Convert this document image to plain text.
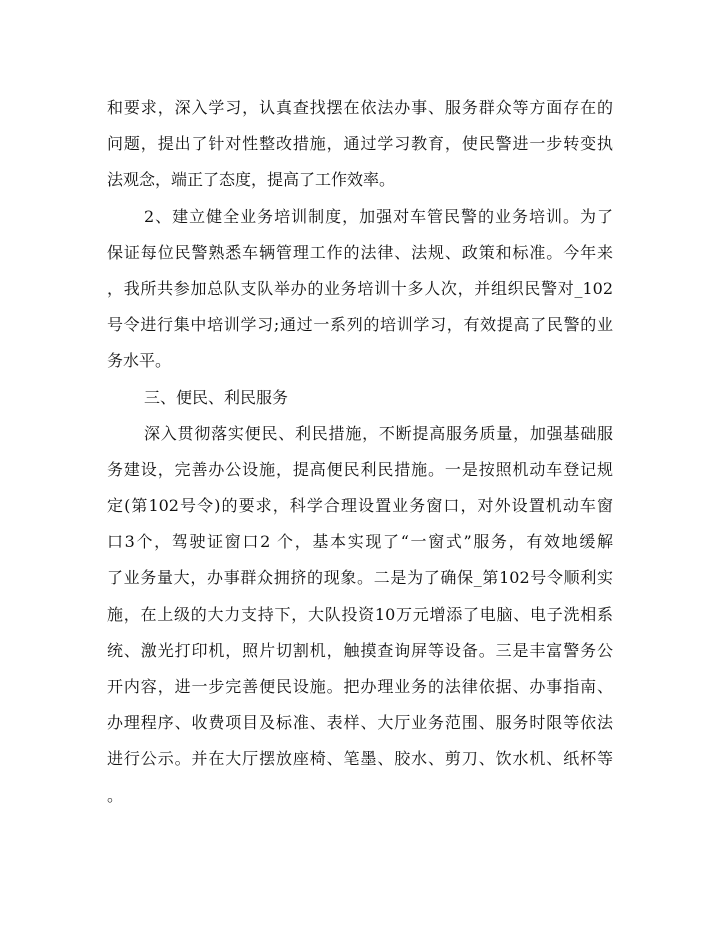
和要求，深入学习，认真查找摆在依法办事、服务群众等方面存在的
问题，提出了针对性整改措施，通过学习教育，使民警进一步转变执
法观念，端正了态度，提高了工作效率。
2、建立健全业务培训制度，加强对车管民警的业务培训。为了
保证每位民警熟悉车辆管理工作的法律、法规、政策和标准。今年来
，我所共参加总队支队举办的业务培训十多人次，并组织民警对_102
号令进行集中培训学习;通过一系列的培训学习，有效提高了民警的业
务水平。
三、便民、利民服务
深入贯彻落实便民、利民措施，不断提高服务质量，加强基础服
务建设，完善办公设施，提高便民利民措施。一是按照机动车登记规
定(第102号令)的要求，科学合理设置业务窗口，对外设置机动车窗
口3个，驾驶证窗口2 个，基本实现了“一窗式”服务，有效地缓解
了业务量大，办事群众拥挤的现象。二是为了确保_第102号令顺利实
施，在上级的大力支持下，大队投资10万元增添了电脑、电子洗相系
统、激光打印机，照片切割机，触摸查询屏等设备。三是丰富警务公
开内容，进一步完善便民设施。把办理业务的法律依据、办事指南、
办理程序、收费项目及标准、表样、大厅业务范围、服务时限等依法
进行公示。并在大厅摆放座椅、笔墨、胶水、剪刀、饮水机、纸杯等
。
